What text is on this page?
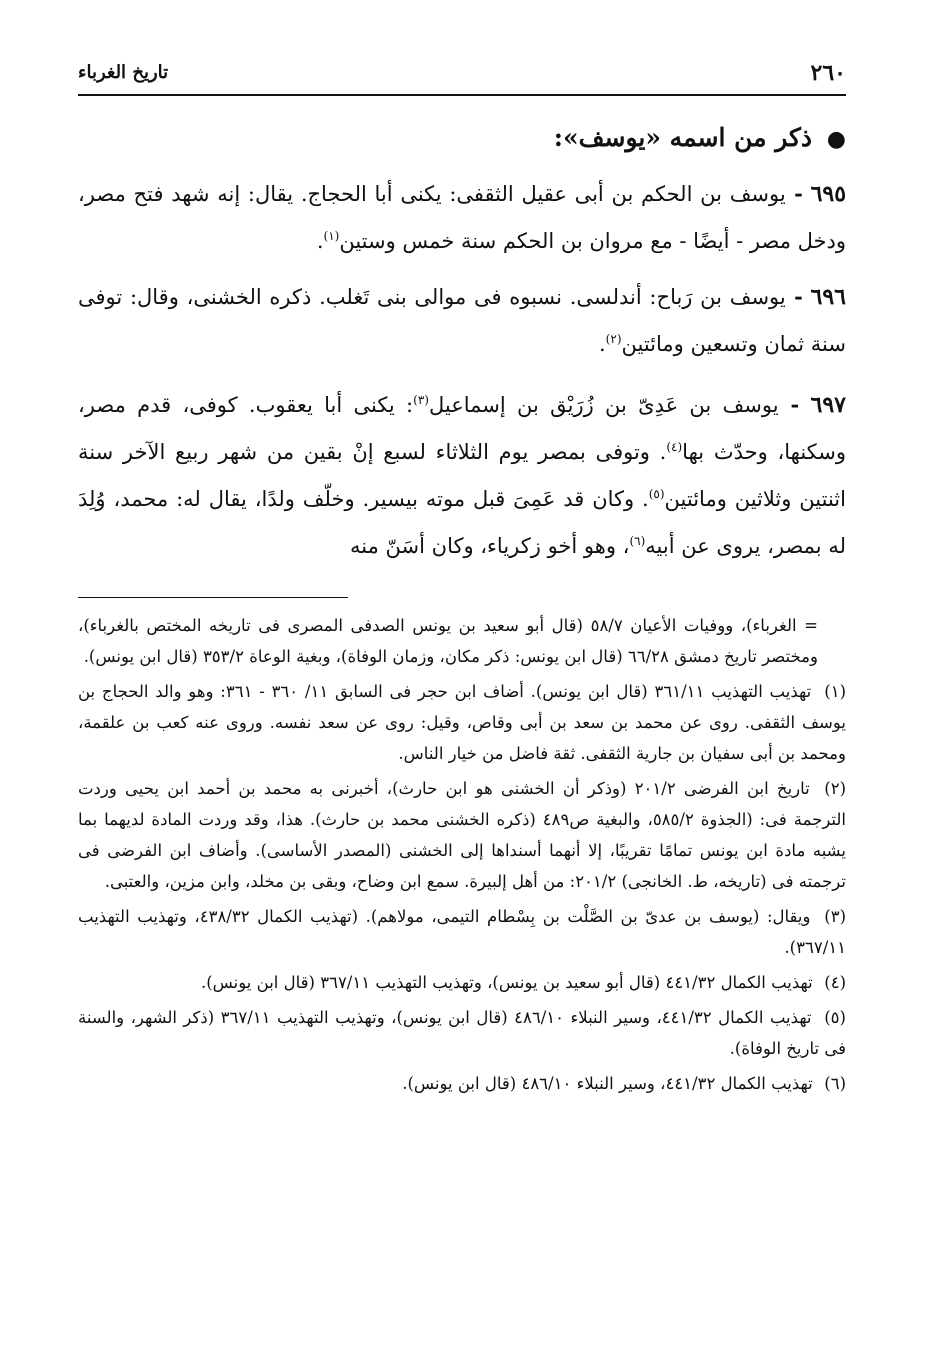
٢٦٠
تاريخ الغرباء
● ذكر من اسمه «يوسف»:
٦٩٥ - يوسف بن الحكم بن أبى عقيل الثقفى: يكنى أبا الحجاج. يقال: إنه شهد فتح مصر، ودخل مصر - أيضًا - مع مروان بن الحكم سنة خمس وستين$^{(١)}$.
٦٩٦ - يوسف بن رَباح: أندلسى. نسبوه فى موالى بنى تَغلب. ذكره الخشنى، وقال: توفى سنة ثمان وتسعين ومائتين$^{(٢)}$.
٦٩٧ - يوسف بن عَدِىّ بن زُرَيْق بن إسماعيل$^{(٣)}$: يكنى أبا يعقوب. كوفى، قدم مصر، وسكنها، وحدّث بها$^{(٤)}$. وتوفى بمصر يوم الثلاثاء لسبع إنْ بقين من شهر ربيع الآخر سنة اثنتين وثلاثين ومائتين$^{(٥)}$. وكان قد عَمِىَ قبل موته بيسير. وخلّف ولدًا، يقال له: محمد، وُلِدَ له بمصر، يروى عن أبيه$^{(٦)}$، وهو أخو زكرياء، وكان أسَنّ منه
= الغرباء)، ووفيات الأعيان ٥٨/٧ (قال أبو سعيد بن يونس الصدفى المصرى فى تاريخه المختص بالغرباء)، ومختصر تاريخ دمشق ٦٦/٢٨ (قال ابن يونس: ذكر مكان، وزمان الوفاة)، وبغية الوعاة ٣٥٣/٢ (قال ابن يونس).
(١) تهذيب التهذيب ٣٦١/١١ (قال ابن يونس). أضاف ابن حجر فى السابق ١١/ ٣٦٠ - ٣٦١: وهو والد الحجاج بن يوسف الثقفى. روى عن محمد بن سعد بن أبى وقاص، وقيل: روى عن سعد نفسه. وروى عنه كعب بن علقمة، ومحمد بن أبى سفيان بن جارية الثقفى. ثقة فاضل من خيار الناس.
(٢) تاريخ ابن الفرضى ٢٠١/٢ (وذكر أن الخشنى هو ابن حارث)، أخبرنى به محمد بن أحمد ابن يحيى وردت الترجمة فى: (الجذوة ٥٨٥/٢، والبغية ص٤٨٩ (ذكره الخشنى محمد بن حارث). هذا، وقد وردت المادة لديهما بما يشبه مادة ابن يونس تمامًا تقريبًا، إلا أنهما أسنداها إلى الخشنى (المصدر الأساسى). وأضاف ابن الفرضى فى ترجمته فى (تاريخه، ط. الخانجى) ٢٠١/٢: من أهل إلبيرة. سمع ابن وضاح، وبقى بن مخلد، وابن مزين، والعتبى.
(٣) ويقال: (يوسف بن عدىّ بن الصَّلْت بن بِسْطام التيمى، مولاهم). (تهذيب الكمال ٤٣٨/٣٢، وتهذيب التهذيب ٣٦٧/١١).
(٤) تهذيب الكمال ٤٤١/٣٢ (قال أبو سعيد بن يونس)، وتهذيب التهذيب ٣٦٧/١١ (قال ابن يونس).
(٥) تهذيب الكمال ٤٤١/٣٢، وسير النبلاء ٤٨٦/١٠ (قال ابن يونس)، وتهذيب التهذيب ٣٦٧/١١ (ذكر الشهر، والسنة فى تاريخ الوفاة).
(٦) تهذيب الكمال ٤٤١/٣٢، وسير النبلاء ٤٨٦/١٠ (قال ابن يونس).
